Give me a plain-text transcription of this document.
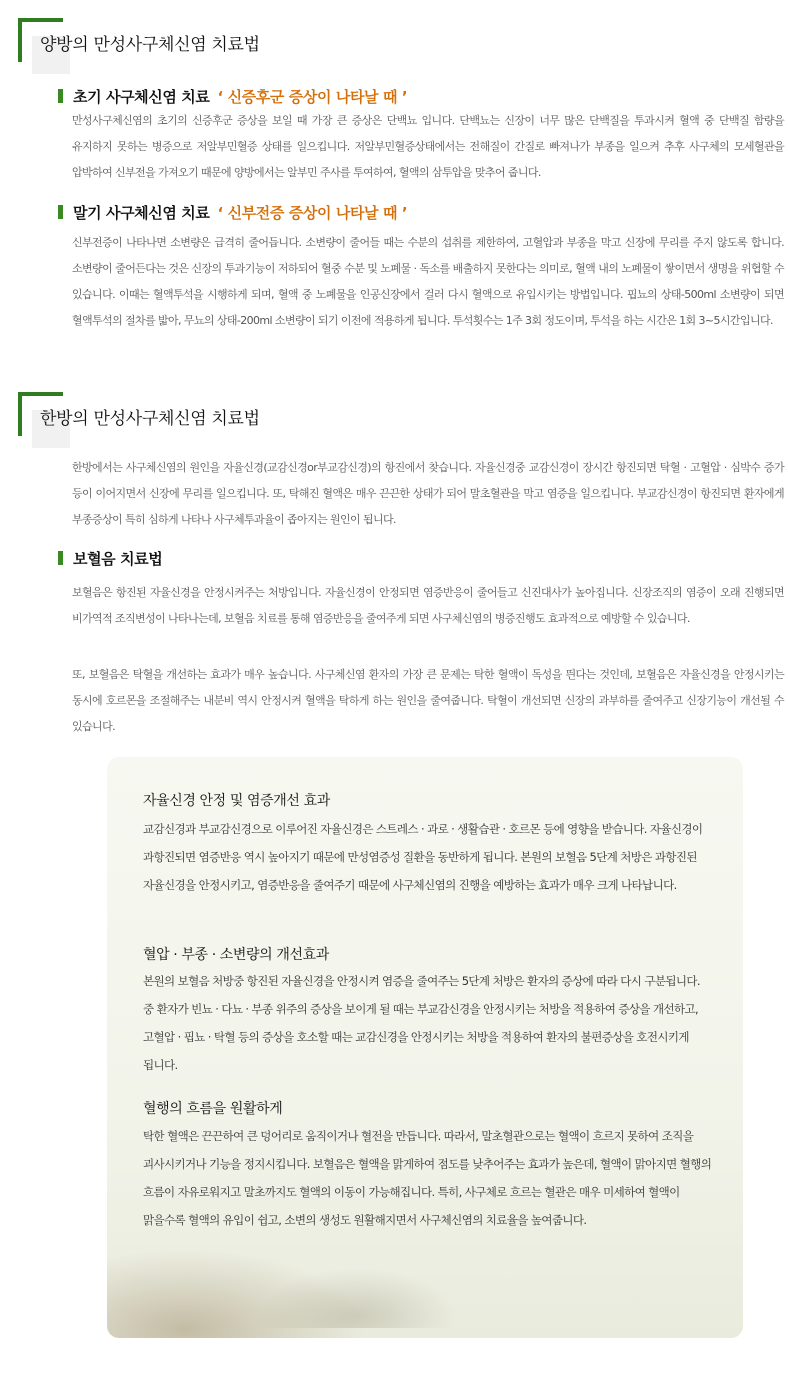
양방의 만성사구체신염 치료법
초기 사구체신염 치료 ‘ 신증후군 증상이 나타날 때 ’

만성사구체신염의 초기의 신증후군 증상을 보일 때 가장 큰 증상은 단백뇨 입니다. 단백뇨는 신장이 너무 많은 단백질을 투과시켜 혈액 중 단백질 함량을 유지하지 못하는 병증으로 저알부민혈증 상태를 일으킵니다. 저알부민혈증상태에서는 전해질이 간질로 빠져나가 부종을 일으켜 추후 사구체의 모세혈관을 압박하여 신부전을 가져오기 때문에 양방에서는 알부민 주사를 투여하여, 혈액의 삼투압을 맞추어 줍니다.

말기 사구체신염 치료 ‘ 신부전증 증상이 나타날 때 ’

신부전증이 나타나면 소변량은 급격히 줄어듭니다. 소변량이 줄어들 때는 수분의 섭취를 제한하여, 고혈압과 부종을 막고 신장에 무리를 주지 않도록 합니다. 소변량이 줄어든다는 것은 신장의 투과기능이 저하되어 혈중 수분 및 노폐물 · 독소를 배출하지 못한다는 의미로, 혈액 내의 노폐물이 쌓이면서 생명을 위협할 수 있습니다. 이때는 혈액투석을 시행하게 되며, 혈액 중 노폐물을 인공신장에서 걸러 다시 혈액으로 유입시키는 방법입니다. 핍뇨의 상태-500ml 소변량이 되면 혈액투석의 절차를 밟아, 무뇨의 상태-200ml 소변량이 되기 이전에 적용하게 됩니다. 투석횟수는 1주 3회 정도이며, 투석을 하는 시간은 1회 3~5시간입니다.

한방의 만성사구체신염 치료법

한방에서는 사구체신염의 원인을 자율신경(교감신경or부교감신경)의 항진에서 찾습니다. 자율신경중 교감신경이 장시간 항진되면 탁혈 · 고혈압 · 심박수 증가 등이 이어지면서 신장에 무리를 일으킵니다. 또, 탁해진 혈액은 매우 끈끈한 상태가 되어 말초혈관을 막고 염증을 일으킵니다. 부교감신경이 항진되면 환자에게 부종증상이 특히 심하게 나타나 사구체투과율이 좁아지는 원인이 됩니다.

보혈음 치료법

보혈음은 항진된 자율신경을 안정시켜주는 처방입니다. 자율신경이 안정되면 염증반응이 줄어들고 신진대사가 높아집니다. 신장조직의 염증이 오래 진행되면 비가역적 조직변성이 나타나는데, 보혈음 치료를 통해 염증반응을 줄여주게 되면 사구체신염의 병증진행도 효과적으로 예방할 수 있습니다.

또, 보혈음은 탁혈을 개선하는 효과가 매우 높습니다. 사구체신염 환자의 가장 큰 문제는 탁한 혈액이 독성을 띈다는 것인데, 보혈음은 자율신경을 안정시키는 동시에 호르몬을 조절해주는 내분비 역시 안정시켜 혈액을 탁하게 하는 원인을 줄여줍니다. 탁혈이 개선되면 신장의 과부하를 줄여주고 신장기능이 개선될 수 있습니다.

자율신경 안정 및 염증개선 효과

교감신경과 부교감신경으로 이루어진 자율신경은 스트레스 · 과로 · 생활습관 · 호르몬 등에 영향을 받습니다. 자율신경이 과항진되면 염증반응 역시 높아지기 때문에 만성염증성 질환을 동반하게 됩니다. 본원의 보혈음 5단계 처방은 과항진된 자율신경을 안정시키고, 염증반응을 줄여주기 때문에 사구체신염의 진행을 예방하는 효과가 매우 크게 나타납니다.

혈압 · 부종 · 소변량의 개선효과

본원의 보혈음 처방중 항진된 자율신경을 안정시켜 염증을 줄여주는 5단계 처방은 환자의 증상에 따라 다시 구분됩니다. 중 환자가 빈뇨 · 다뇨 · 부종 위주의 증상을 보이게 될 때는 부교감신경을 안정시키는 처방을 적용하여 증상을 개선하고, 고혈압 · 핍뇨 · 탁혈 등의 증상을 호소할 때는 교감신경을 안정시키는 처방을 적용하여 환자의 불편증상을 호전시키게 됩니다.

혈행의 흐름을 원활하게

탁한 혈액은 끈끈하여 큰 덩어리로 움직이거나 혈전을 만듭니다. 따라서, 말초혈관으로는 혈액이 흐르지 못하여 조직을 괴사시키거나 기능을 정지시킵니다. 보혈음은 혈액을 맑게하여 점도를 낮추어주는 효과가 높은데, 혈액이 맑아지면 혈행의 흐름이 자유로워지고 말초까지도 혈액의 이동이 가능해집니다. 특히, 사구체로 흐르는 혈관은 매우 미세하여 혈액이 맑을수록 혈액의 유입이 쉽고, 소변의 생성도 원활해지면서 사구체신염의 치료율을 높여줍니다.
